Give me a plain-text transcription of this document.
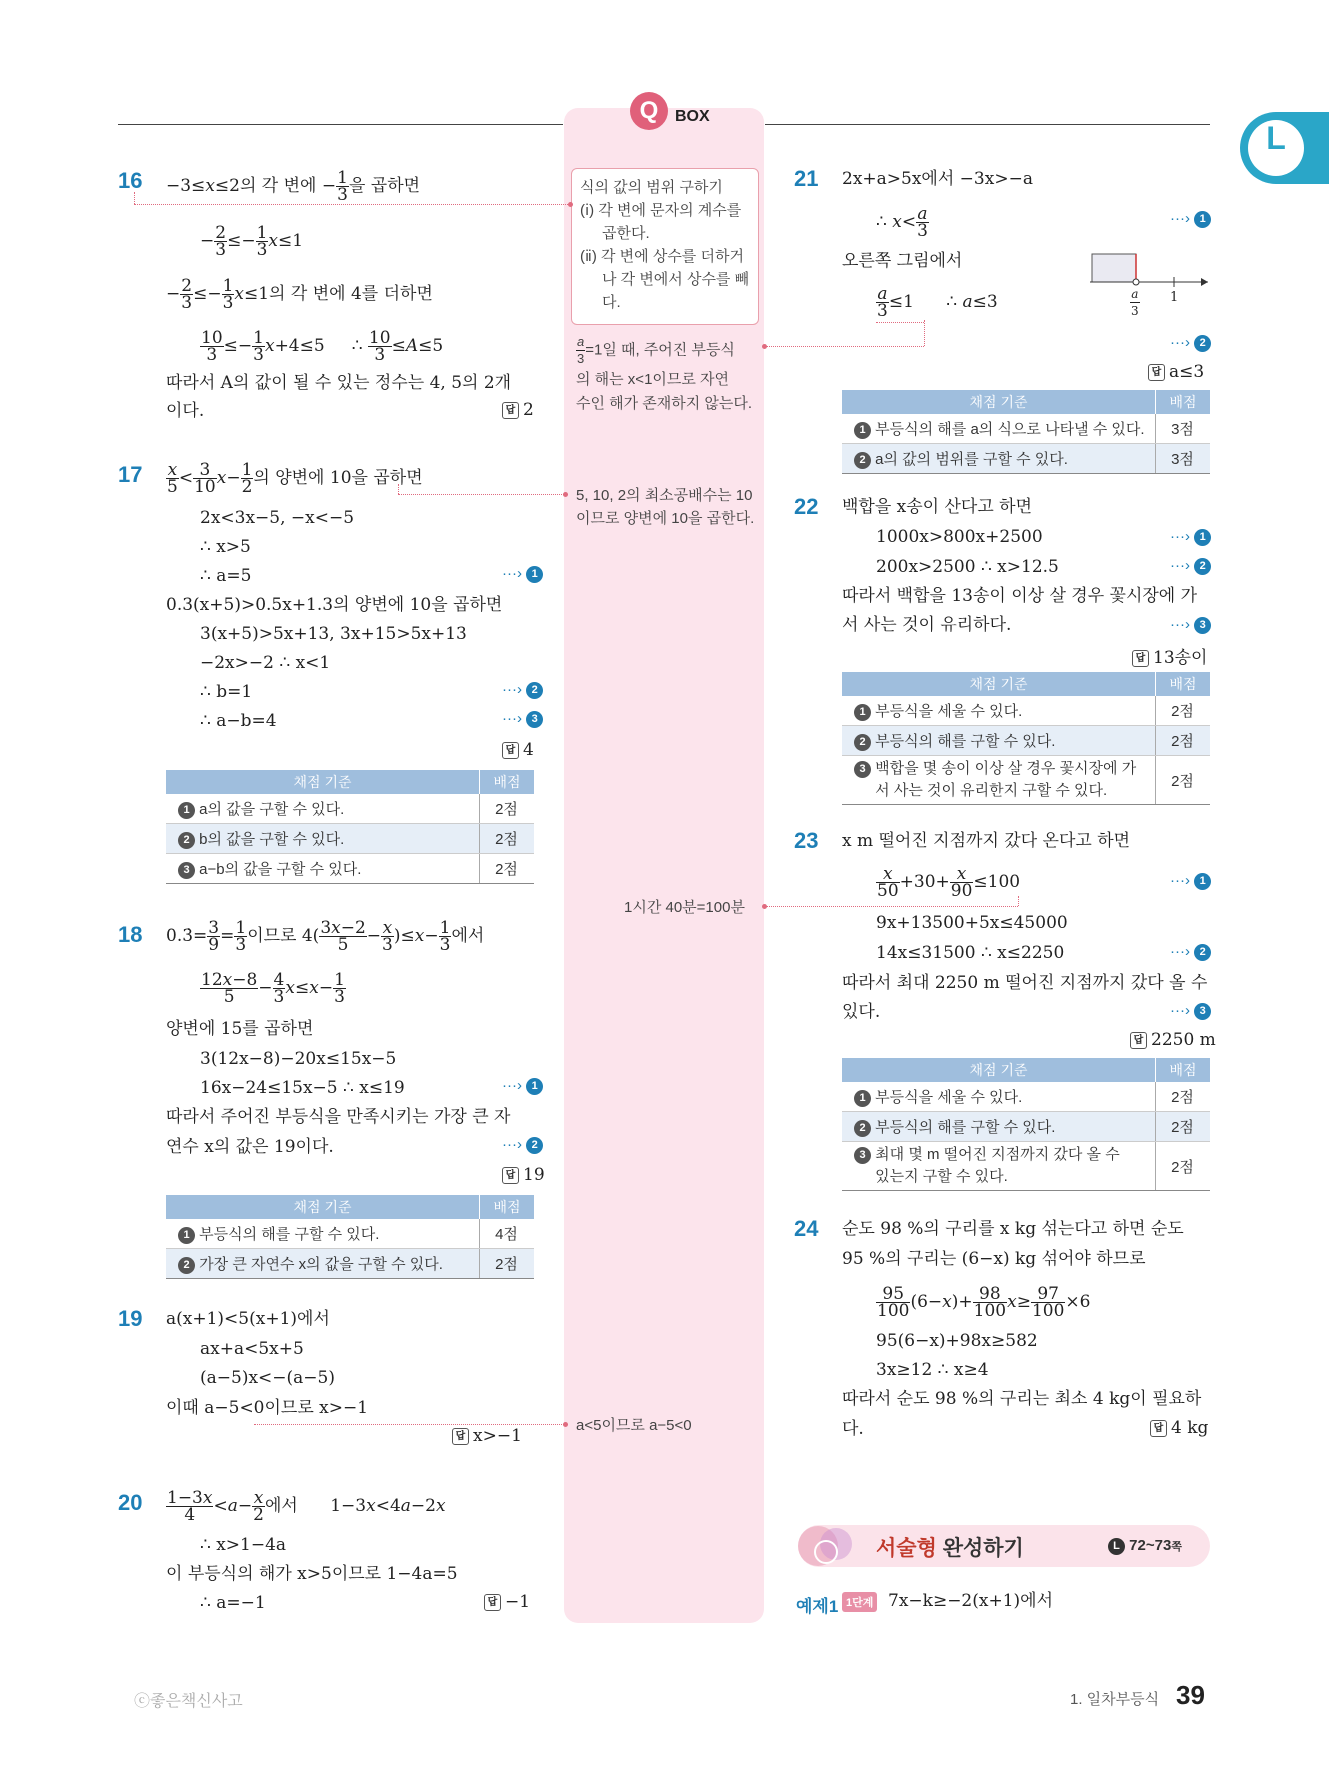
Q	BOX
L
16 −3≤x≤2의 각 변에 − $\frac{1}{3}$ 을 곱하면
− $\frac{2}{3} \le- \frac{1}{3} x\le 1$
− $\frac{2}{3} \le- \frac{1}{3} x\le 1$의 각 변에 4를 더하면
$\frac{10}{3} \le- \frac{1}{3} x+4\le 5$     ∴ $\frac{10}{3} \le A\le 5$
따라서 A의 값이 될 수 있는 정수는 4, 5의 2개
이다.	답 2
$17 \frac{x}{5} < \frac{3}{10} x- \frac{1}{2}$ 의 양변에 10을 곱하면
2x<3x−5, −x<−5
∴ x>5
∴ a=5	···› 1
0.3(x+5)>0.5x+1.3의 양변에 10을 곱하면
3(x+5)>5x+13, 3x+15>5x+13
−2x>−2 ∴ x<1
∴ b=1	···› 2
∴ a−b=4	···› 3
답 4
채점 기준	배점
1 a의 값을 구할 수 있다.	2점
2 b의 값을 구할 수 있다.	2점
3 a−b의 값을 구할 수 있다.	2점
18 0.3̇= $\frac{3}{9} = \frac{1}{3}$ 이므로 $4( \frac{3x-2}{5} - \frac{x}{3} )\le x- \frac{1}{3}$ 에서
$\frac{12x-8}{5} - \frac{4}{3} x\le x- \frac{1}{3}$
양변에 15를 곱하면
3(12x−8)−20x≤15x−5
16x−24≤15x−5 ∴ x≤19	···› 1
따라서 주어진 부등식을 만족시키는 가장 큰 자
연수 x의 값은 19이다.	···› 2
답 19
채점 기준	배점
1 부등식의 해를 구할 수 있다.	4점
2 가장 큰 자연수 x의 값을 구할 수 있다.	2점
19 a(x+1)<5(x+1)에서
ax+a<5x+5
(a−5)x<−(a−5)
이때 a−5<0이므로 x>−1
답 x>−1
$20 \frac{1-3x}{4} <a- \frac{x}{2}$ 에서      1−3x<4a−2x
∴ x>1−4a
이 부등식의 해가 x>5이므로 1−4a=5
∴ a=−1	답 −1
식의 값의 범위 구하기
(ⅰ) 각 변에 문자의 계수를
곱한다.
(ⅱ) 각 변에 상수를 더하거
나 각 변에서 상수를 빼
다.
$\frac{a}{3} =1$일 때, 주어진 부등식
의 해는 x<1이므로 자연
수인 해가 존재하지 않는다.
5, 10, 2의 최소공배수는 10
이므로 양변에 10을 곱한다.
1시간 40분=100분
a<5이므로 a−5<0
21 2x+a>5x에서 −3x>−a
∴ $x< \frac{a}{3}$	···› 1
오른쪽 그림에서
$\frac{a}{3} \le 1$      ∴ a≤3	$\frac{a}{3} 1$
···› 2
답 a≤3
채점 기준	배점
1 부등식의 해를 a의 식으로 나타낼 수 있다.	3점
2 a의 값의 범위를 구할 수 있다.	3점
22 백합을 x송이 산다고 하면
1000x>800x+2500	···› 1
200x>2500 ∴ x>12.5	···› 2
따라서 백합을 13송이 이상 살 경우 꽃시장에 가
서 사는 것이 유리하다.	···› 3
답 13송이
채점 기준	배점
1 부등식을 세울 수 있다.	2점
2 부등식의 해를 구할 수 있다.	2점
3 백합을 몇 송이 이상 살 경우 꽃시장에 가
서 사는 것이 유리한지 구할 수 있다.	2점
23 x m 떨어진 지점까지 갔다 온다고 하면
$\frac{x}{50} +30+ \frac{x}{90} \le 100$	···› 1
9x+13500+5x≤45000
14x≤31500 ∴ x≤2250	···› 2
따라서 최대 2250 m 떨어진 지점까지 갔다 올 수
있다.	···› 3
답 2250 m
채점 기준	배점
1 부등식을 세울 수 있다.	2점
2 부등식의 해를 구할 수 있다.	2점
3 최대 몇 m 떨어진 지점까지 갔다 올 수
있는지 구할 수 있다.	2점
24 순도 98 %의 구리를 x kg 섞는다고 하면 순도
95 %의 구리는 (6−x) kg 섞어야 하므로
$\frac{95}{100} (6-x)+ \frac{98}{100} x\ge \frac{97}{100} \times 6$
95(6−x)+98x≥582
3x≥12 ∴ x≥4
따라서 순도 98 %의 구리는 최소 4 kg이 필요하
다.	답 4 kg
서술형 완성하기	L 72~73쪽
예제1 1단계 7x−k≥−2(x+1)에서
ⓒ좋은책신사고	1. 일차부등식 39
